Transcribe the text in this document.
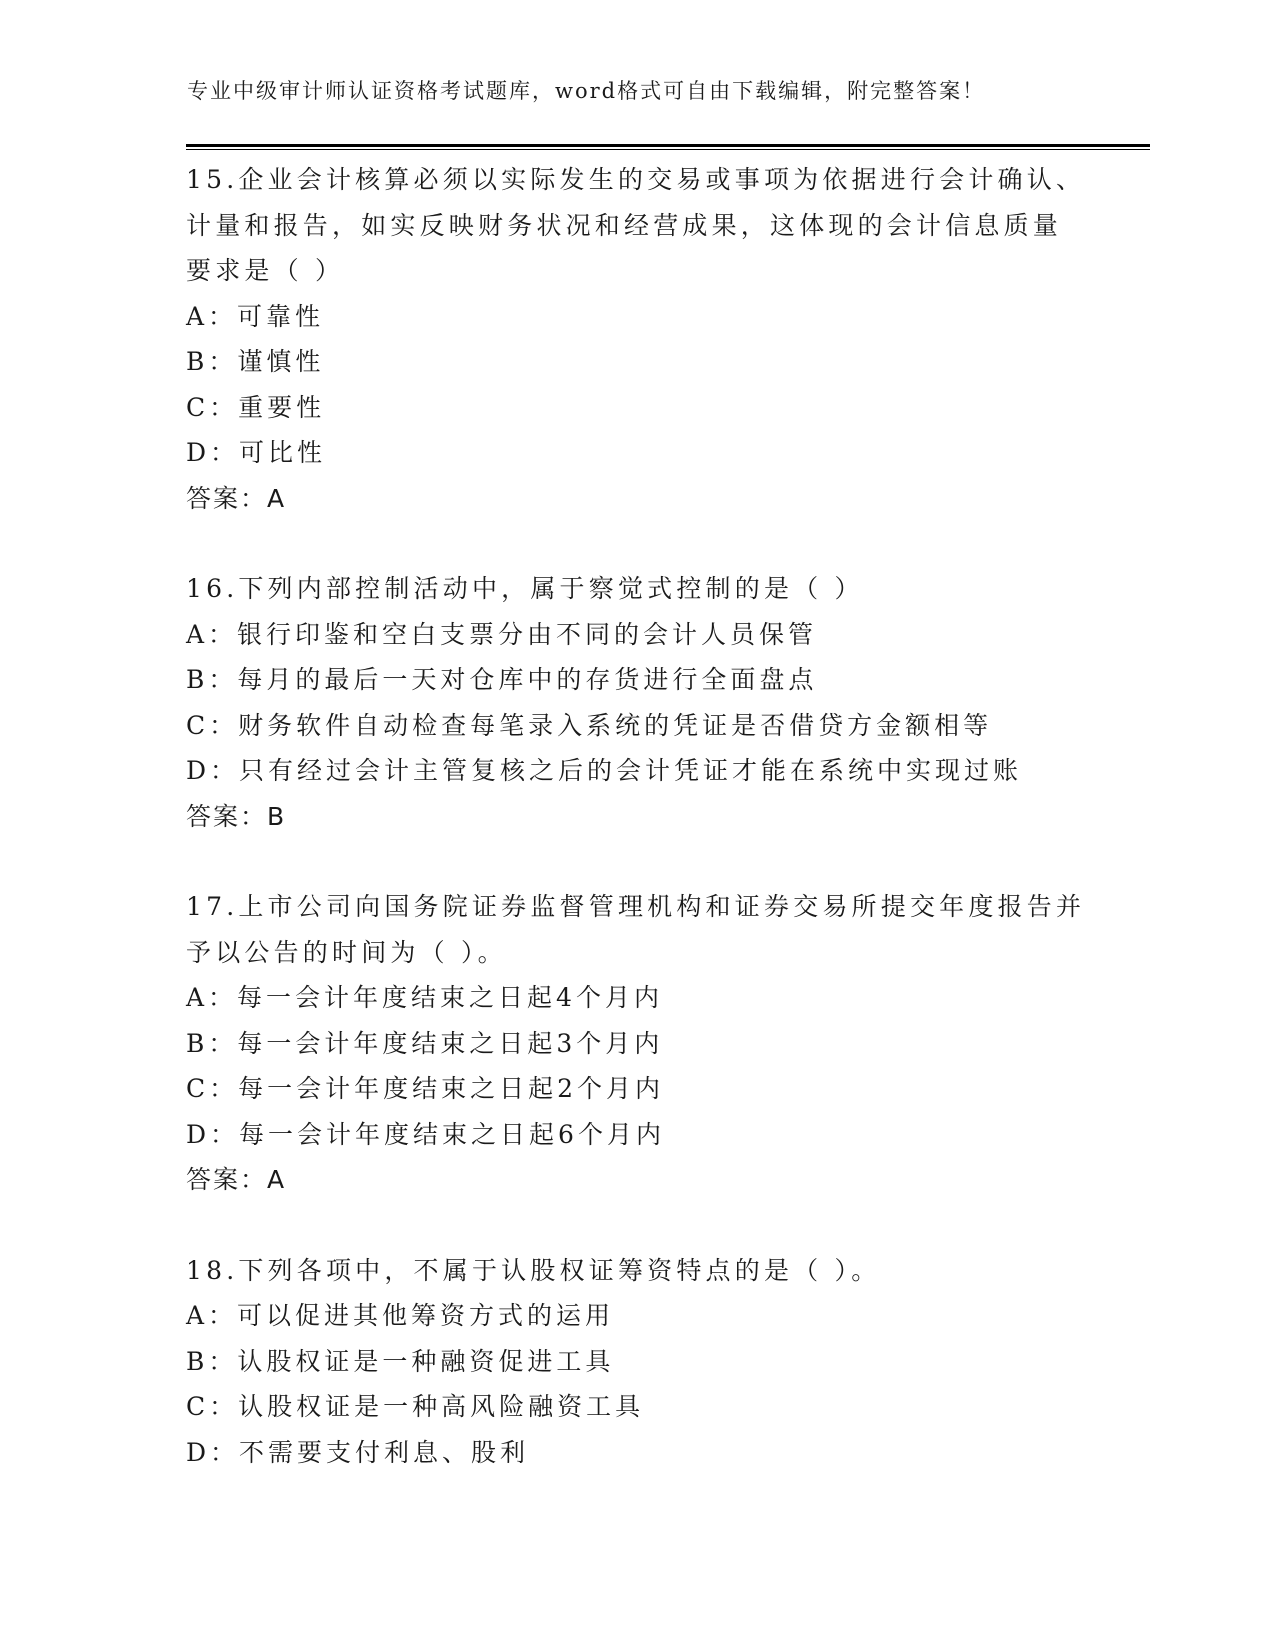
专业中级审计师认证资格考试题库，word格式可自由下载编辑，附完整答案！
15.企业会计核算必须以实际发生的交易或事项为依据进行会计确认、
计量和报告，如实反映财务状况和经营成果，这体现的会计信息质量
要求是（ ）
A：可靠性
B：谨慎性
C：重要性
D：可比性
答案：A
16.下列内部控制活动中，属于察觉式控制的是（ ）
A：银行印鉴和空白支票分由不同的会计人员保管
B：每月的最后一天对仓库中的存货进行全面盘点
C：财务软件自动检查每笔录入系统的凭证是否借贷方金额相等
D：只有经过会计主管复核之后的会计凭证才能在系统中实现过账
答案：B
17.上市公司向国务院证券监督管理机构和证券交易所提交年度报告并
予以公告的时间为（ ）。
A：每一会计年度结束之日起4个月内
B：每一会计年度结束之日起3个月内
C：每一会计年度结束之日起2个月内
D：每一会计年度结束之日起6个月内
答案：A
18.下列各项中，不属于认股权证筹资特点的是（ ）。
A：可以促进其他筹资方式的运用
B：认股权证是一种融资促进工具
C：认股权证是一种高风险融资工具
D：不需要支付利息、股利
